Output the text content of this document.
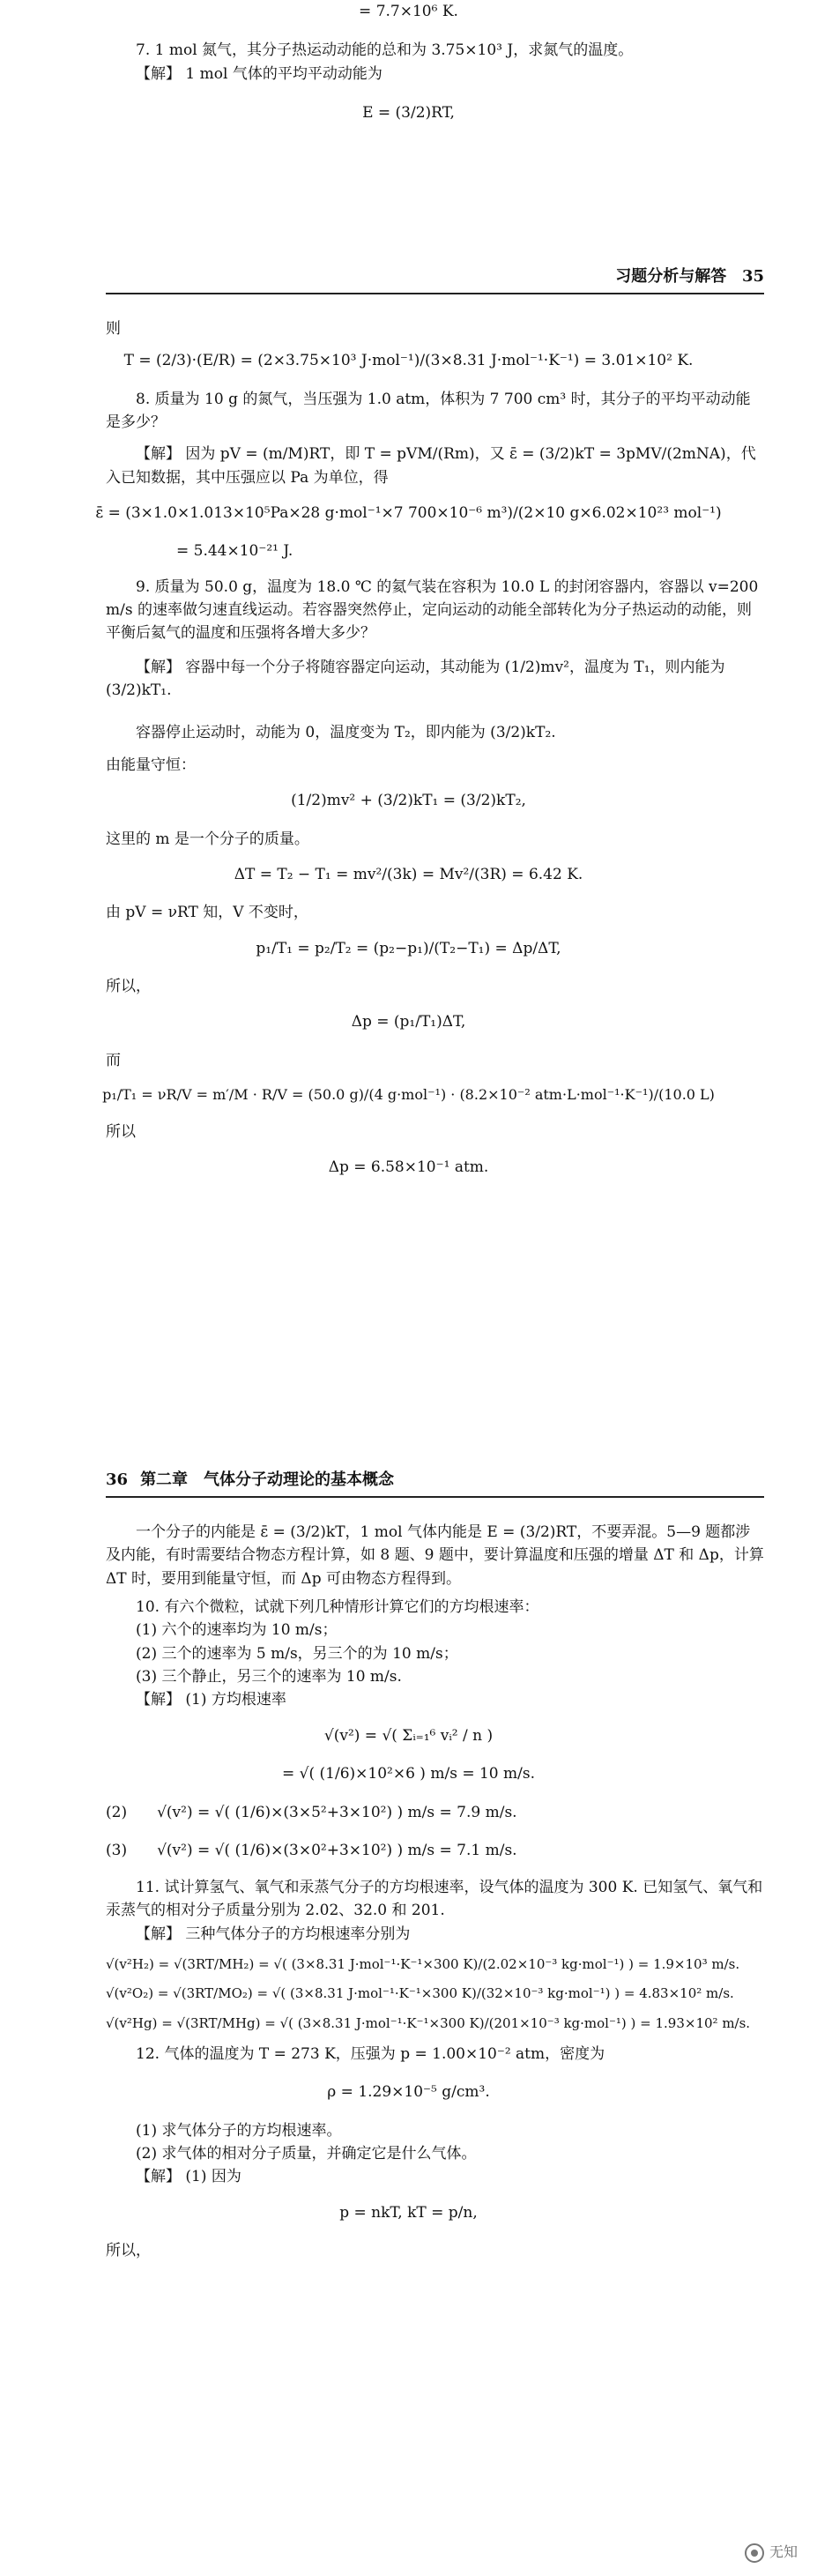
= 7.7×10⁶ K.

7. 1 mol 氮气，其分子热运动动能的总和为 3.75×10³ J，求氮气的温度。

【解】 1 mol 气体的平均平动动能为

E = (3/2)RT,

习题分析与解答 35

则

T = (2/3)·(E/R) = (2×3.75×10³ J·mol⁻¹)/(3×8.31 J·mol⁻¹·K⁻¹) = 3.01×10² K.

8. 质量为 10 g 的氮气，当压强为 1.0 atm，体积为 7 700 cm³ 时，其分子的平均平动动能是多少？

【解】 因为 pV = (m/M)RT，即 T = pVM/(Rm)，又 ε̄ = (3/2)kT = 3pMV/(2mNA)，代入已知数据，其中压强应以 Pa 为单位，得

ε̄ = (3×1.0×1.013×10⁵Pa×28 g·mol⁻¹×7 700×10⁻⁶ m³)/(2×10 g×6.02×10²³ mol⁻¹)

= 5.44×10⁻²¹ J.

9. 质量为 50.0 g，温度为 18.0 ℃ 的氦气装在容积为 10.0 L 的封闭容器内，容器以 v=200 m/s 的速率做匀速直线运动。若容器突然停止，定向运动的动能全部转化为分子热运动的动能，则平衡后氦气的温度和压强将各增大多少？

【解】 容器中每一个分子将随容器定向运动，其动能为 (1/2)mv²，温度为 T₁，则内能为 (3/2)kT₁.

容器停止运动时，动能为 0，温度变为 T₂，即内能为 (3/2)kT₂.

由能量守恒：

(1/2)mv² + (3/2)kT₁ = (3/2)kT₂,

这里的 m 是一个分子的质量。

ΔT = T₂ − T₁ = mv²/(3k) = Mv²/(3R) = 6.42 K.

由 pV = νRT 知，V 不变时，

p₁/T₁ = p₂/T₂ = (p₂−p₁)/(T₂−T₁) = Δp/ΔT,

所以，

Δp = (p₁/T₁)ΔT,

而

p₁/T₁ = νR/V = m′/M · R/V = (50.0 g)/(4 g·mol⁻¹) · (8.2×10⁻² atm·L·mol⁻¹·K⁻¹)/(10.0 L)

所以

Δp = 6.58×10⁻¹ atm.

36 第二章　气体分子动理论的基本概念

一个分子的内能是 ε̄ = (3/2)kT，1 mol 气体内能是 E = (3/2)RT，不要弄混。5—9 题都涉及内能，有时需要结合物态方程计算，如 8 题、9 题中，要计算温度和压强的增量 ΔT 和 Δp，计算 ΔT 时，要用到能量守恒，而 Δp 可由物态方程得到。

10. 有六个微粒，试就下列几种情形计算它们的方均根速率：

(1) 六个的速率均为 10 m/s；

(2) 三个的速率为 5 m/s，另三个的为 10 m/s；

(3) 三个静止，另三个的速率为 10 m/s.

【解】 (1) 方均根速率

√(v²) = √( Σᵢ₌₁⁶ vᵢ² / n )

= √( (1/6)×10²×6 ) m/s = 10 m/s.

(2)　　√(v²) = √( (1/6)×(3×5²+3×10²) ) m/s = 7.9 m/s.

(3)　　√(v²) = √( (1/6)×(3×0²+3×10²) ) m/s = 7.1 m/s.

11. 试计算氢气、氧气和汞蒸气分子的方均根速率，设气体的温度为 300 K. 已知氢气、氧气和汞蒸气的相对分子质量分别为 2.02、32.0 和 201.

【解】 三种气体分子的方均根速率分别为

√(v²H₂) = √(3RT/MH₂) = √( (3×8.31 J·mol⁻¹·K⁻¹×300 K)/(2.02×10⁻³ kg·mol⁻¹) ) = 1.9×10³ m/s.

√(v²O₂) = √(3RT/MO₂) = √( (3×8.31 J·mol⁻¹·K⁻¹×300 K)/(32×10⁻³ kg·mol⁻¹) ) = 4.83×10² m/s.

√(v²Hg) = √(3RT/MHg) = √( (3×8.31 J·mol⁻¹·K⁻¹×300 K)/(201×10⁻³ kg·mol⁻¹) ) = 1.93×10² m/s.

12. 气体的温度为 T = 273 K，压强为 p = 1.00×10⁻² atm，密度为

ρ = 1.29×10⁻⁵ g/cm³.

(1) 求气体分子的方均根速率。

(2) 求气体的相对分子质量，并确定它是什么气体。

【解】 (1) 因为

p = nkT, kT = p/n,

所以，

无知
